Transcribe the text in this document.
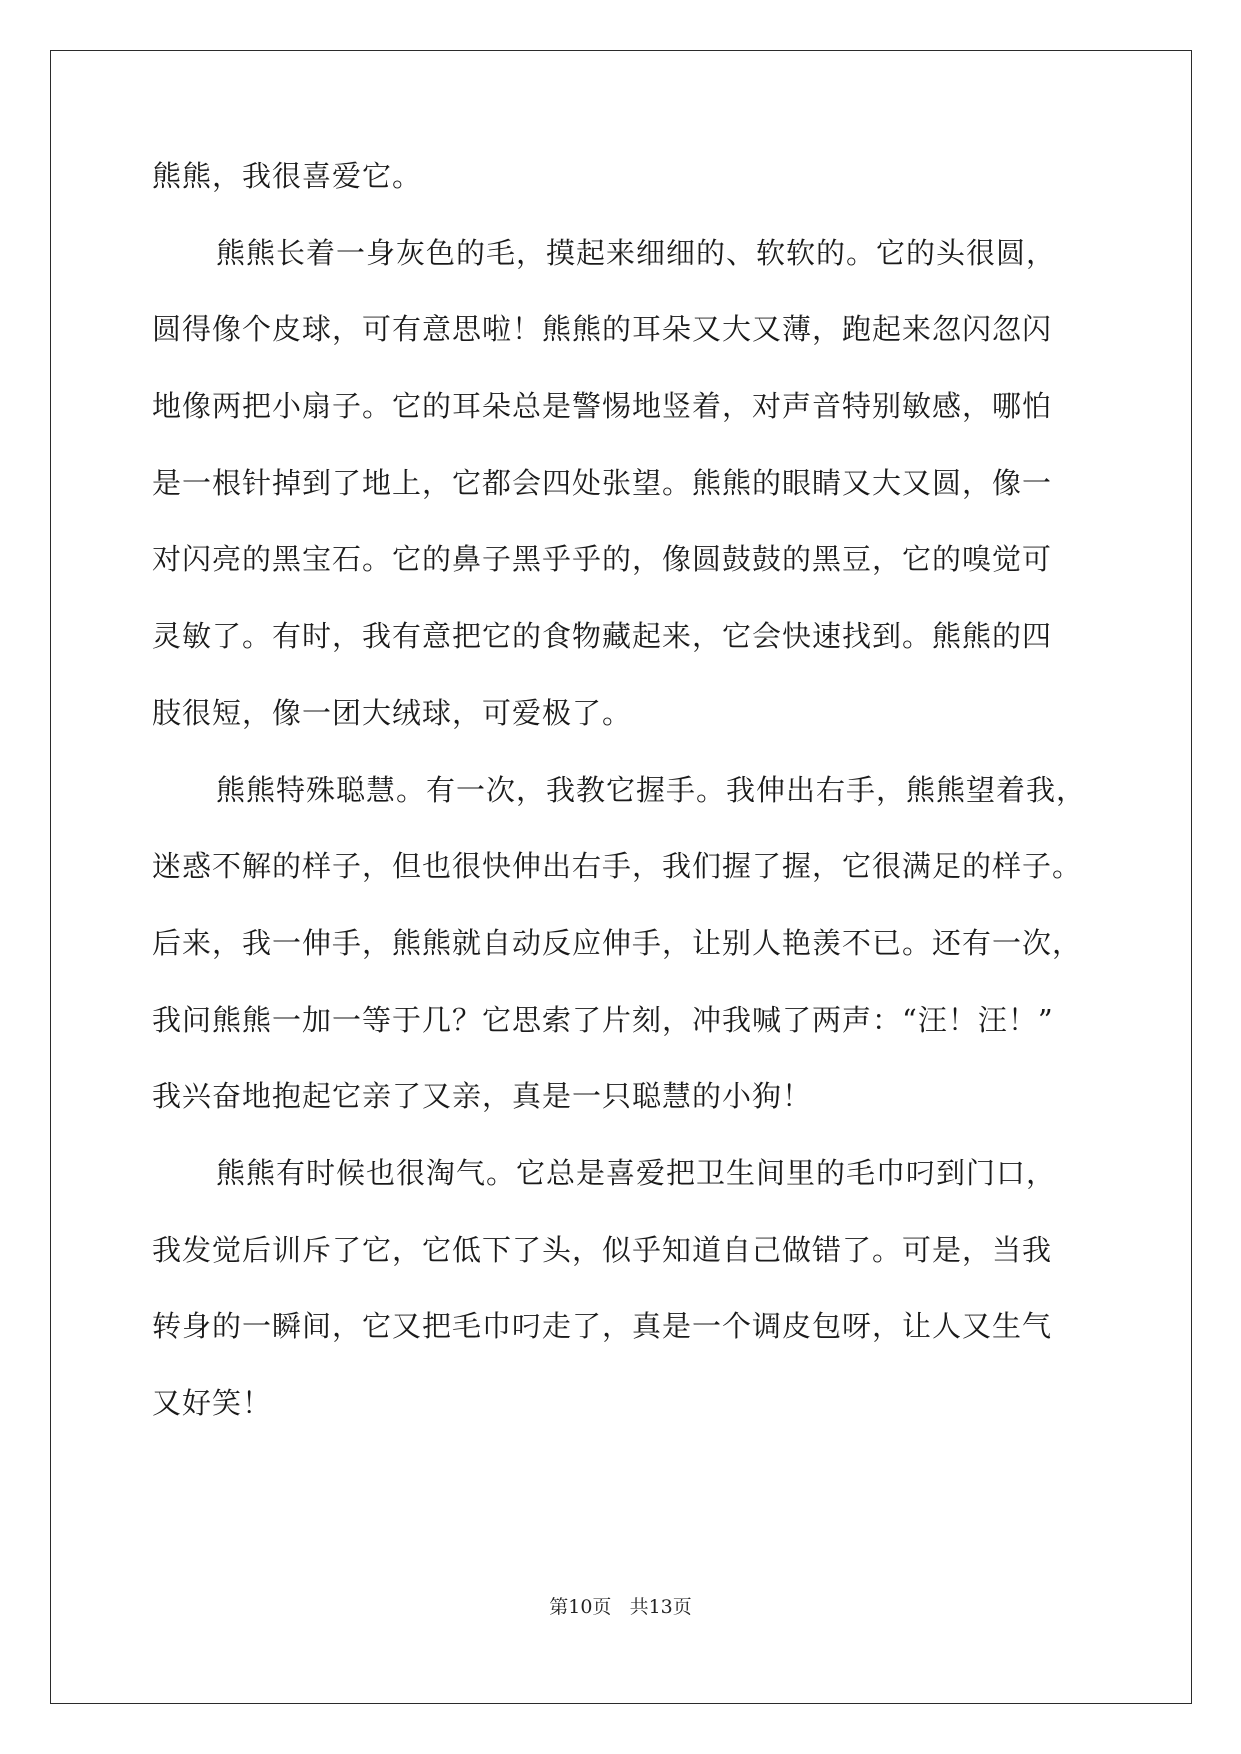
熊熊，我很喜爱它。
熊熊长着一身灰色的毛，摸起来细细的、软软的。它的头很圆，
圆得像个皮球，可有意思啦！熊熊的耳朵又大又薄，跑起来忽闪忽闪
地像两把小扇子。它的耳朵总是警惕地竖着，对声音特别敏感，哪怕
是一根针掉到了地上，它都会四处张望。熊熊的眼睛又大又圆，像一
对闪亮的黑宝石。它的鼻子黑乎乎的，像圆鼓鼓的黑豆，它的嗅觉可
灵敏了。有时，我有意把它的食物藏起来，它会快速找到。熊熊的四
肢很短，像一团大绒球，可爱极了。
熊熊特殊聪慧。有一次，我教它握手。我伸出右手，熊熊望着我，
迷惑不解的样子，但也很快伸出右手，我们握了握，它很满足的样子。
后来，我一伸手，熊熊就自动反应伸手，让别人艳羡不已。还有一次，
我问熊熊一加一等于几？它思索了片刻，冲我喊了两声：“汪！汪！”
我兴奋地抱起它亲了又亲，真是一只聪慧的小狗！
熊熊有时候也很淘气。它总是喜爱把卫生间里的毛巾叼到门口，
我发觉后训斥了它，它低下了头，似乎知道自己做错了。可是，当我
转身的一瞬间，它又把毛巾叼走了，真是一个调皮包呀，让人又生气
又好笑！
第10页 共13页
